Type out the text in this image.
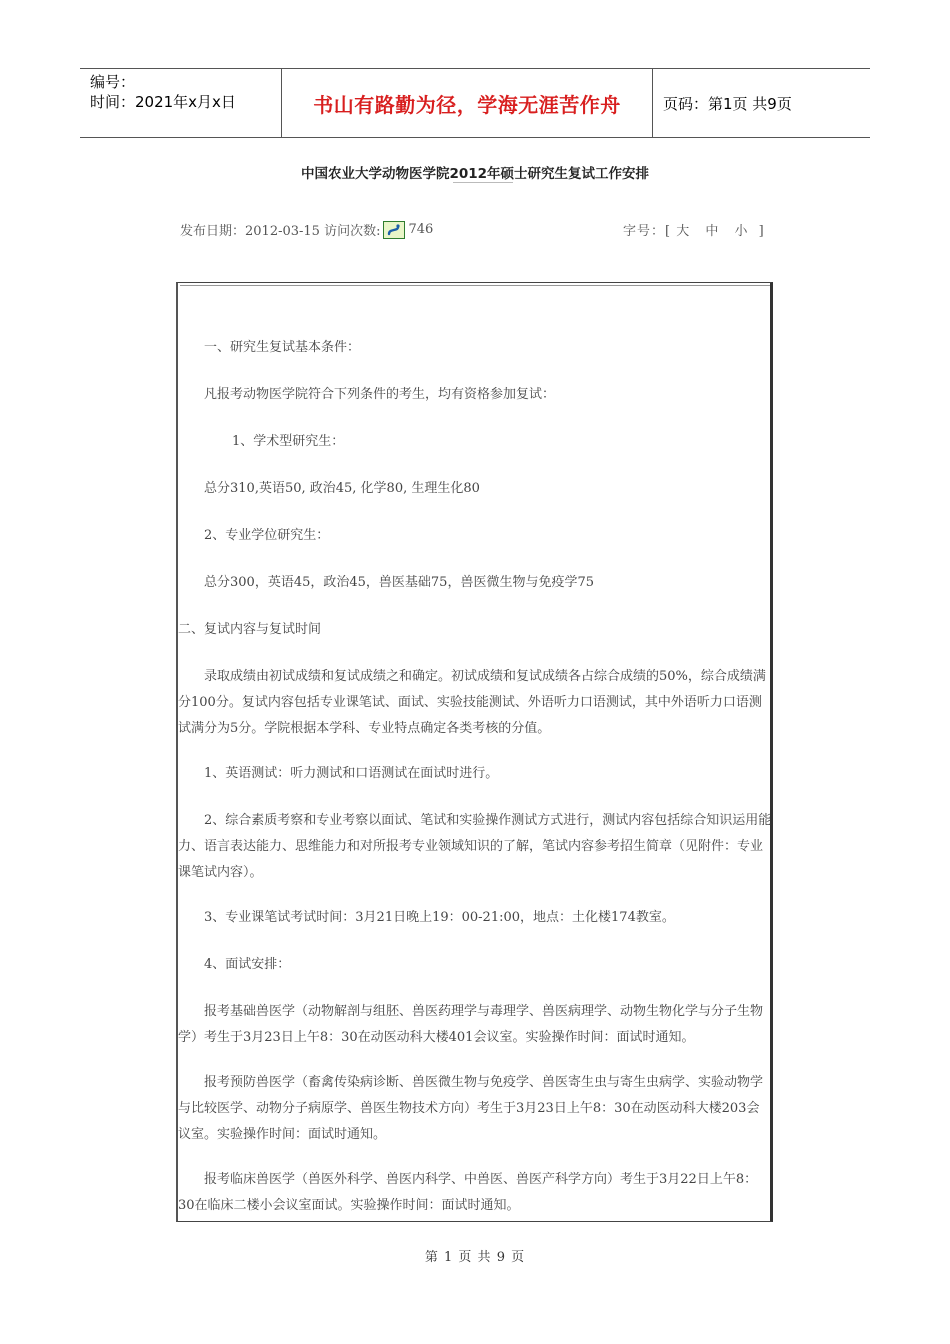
编号：
时间：2021年x月x日	书山有路勤为径，学海无涯苦作舟	页码：第1页 共9页
中国农业大学动物医学院2012年硕士研究生复试工作安排
发布日期：2012-03-15 访问次数: 746	字号：[ 大 中 小 ]
一、研究生复试基本条件：
凡报考动物医学院符合下列条件的考生，均有资格参加复试：
1、学术型研究生：
总分310,英语50, 政治45, 化学80, 生理生化80
2、专业学位研究生：
总分300，英语45，政治45，兽医基础75，兽医微生物与免疫学75
二、复试内容与复试时间
　　录取成绩由初试成绩和复试成绩之和确定。初试成绩和复试成绩各占综合成绩的50%，综合成绩满分100分。复试内容包括专业课笔试、面试、实验技能测试、外语听力口语测试，其中外语听力口语测试满分为5分。学院根据本学科、专业特点确定各类考核的分值。
1、英语测试：听力测试和口语测试在面试时进行。
　　2、综合素质考察和专业考察以面试、笔试和实验操作测试方式进行，测试内容包括综合知识运用能力、语言表达能力、思维能力和对所报考专业领域知识的了解，笔试内容参考招生简章（见附件：专业课笔试内容）。
3、专业课笔试考试时间：3月21日晚上19：00-21:00，地点：土化楼174教室。
4、面试安排：
　　报考基础兽医学（动物解剖与组胚、兽医药理学与毒理学、兽医病理学、动物生物化学与分子生物学）考生于3月23日上午8：30在动医动科大楼401会议室。实验操作时间：面试时通知。
　　报考预防兽医学（畜禽传染病诊断、兽医微生物与免疫学、兽医寄生虫与寄生虫病学、实验动物学与比较医学、动物分子病原学、兽医生物技术方向）考生于3月23日上午8：30在动医动科大楼203会议室。实验操作时间：面试时通知。
　　报考临床兽医学（兽医外科学、兽医内科学、中兽医、兽医产科学方向）考生于3月22日上午8：30在临床二楼小会议室面试。实验操作时间：面试时通知。
第 1 页 共 9 页
